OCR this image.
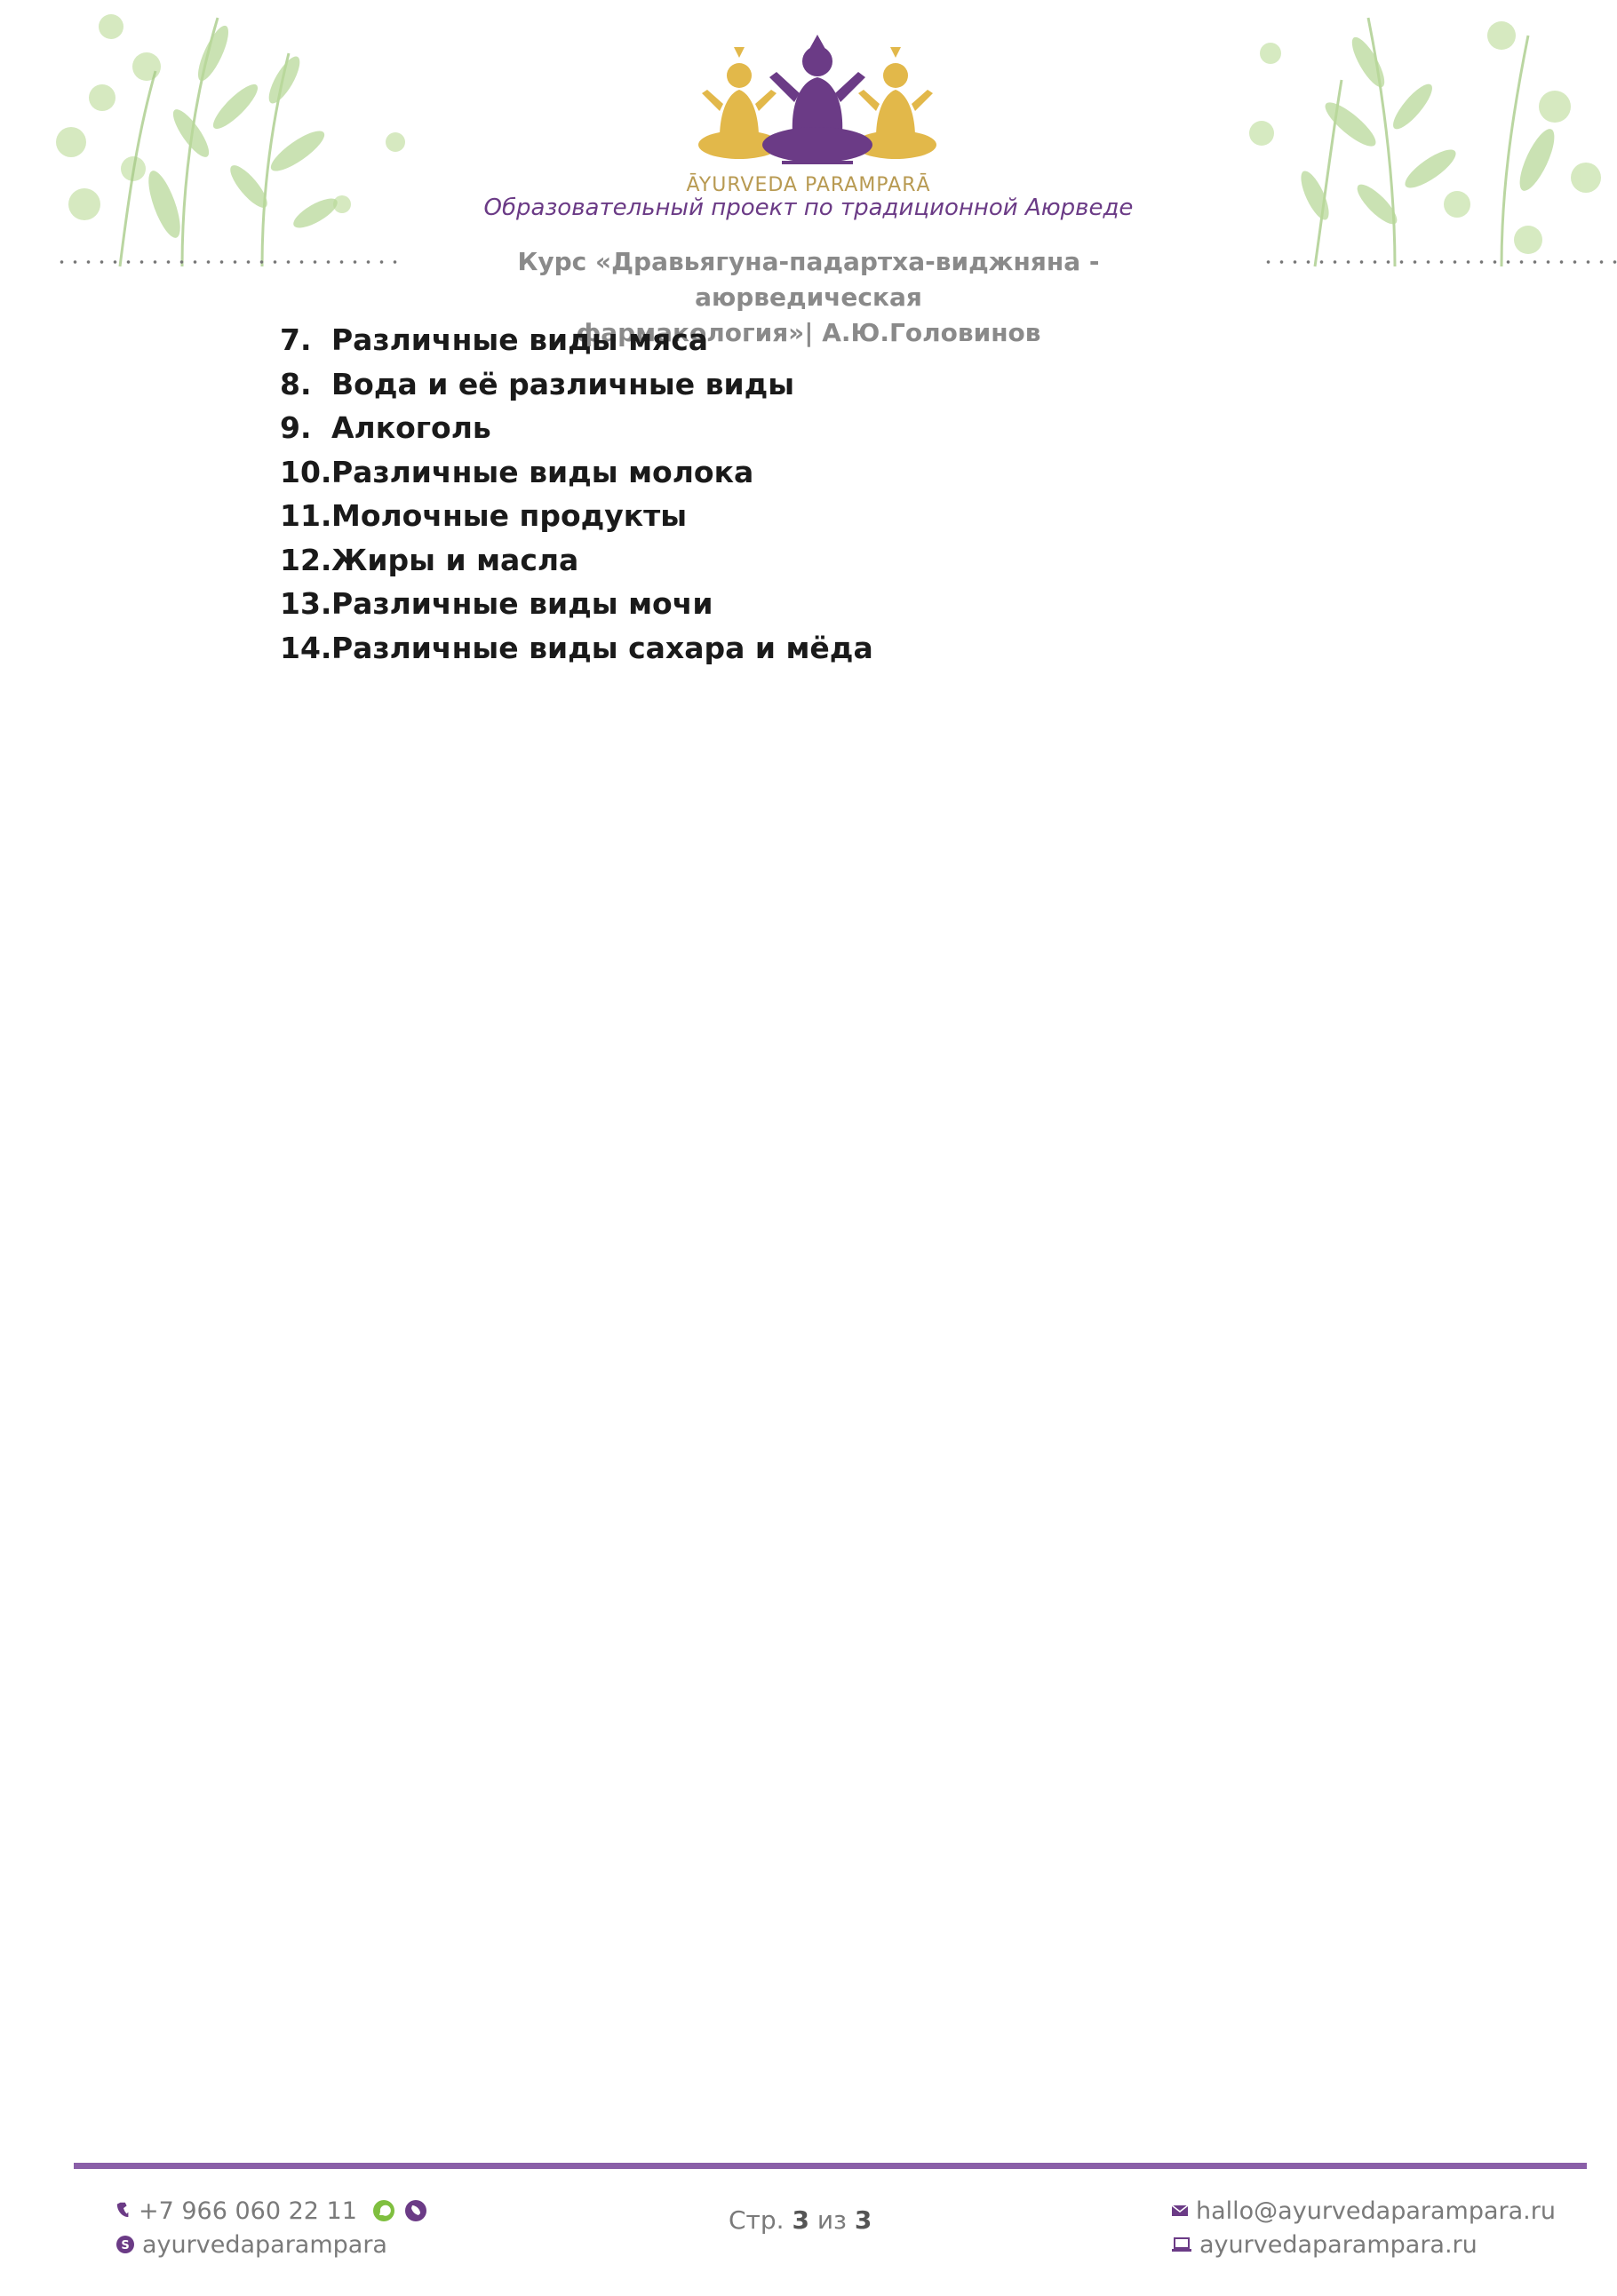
ĀYURVEDA PARAMPARĀ
Образовательный проект по традиционной Аюрведе
Курс «Дравьягуна-падартха-виджняна - аюрведическая
фармакология»| А.Ю.Головинов
7. Различные виды мяса
8. Вода и её различные виды
9. Алкоголь
10. Различные виды молока
11. Молочные продукты
12. Жиры и масла
13. Различные виды мочи
14. Различные виды сахара и мёда
+7 966 060 22 11
S ayurvedaparampara
Стр. 3 из 3	hallo@ayurvedaparampara.ru
ayurvedaparampara.ru
